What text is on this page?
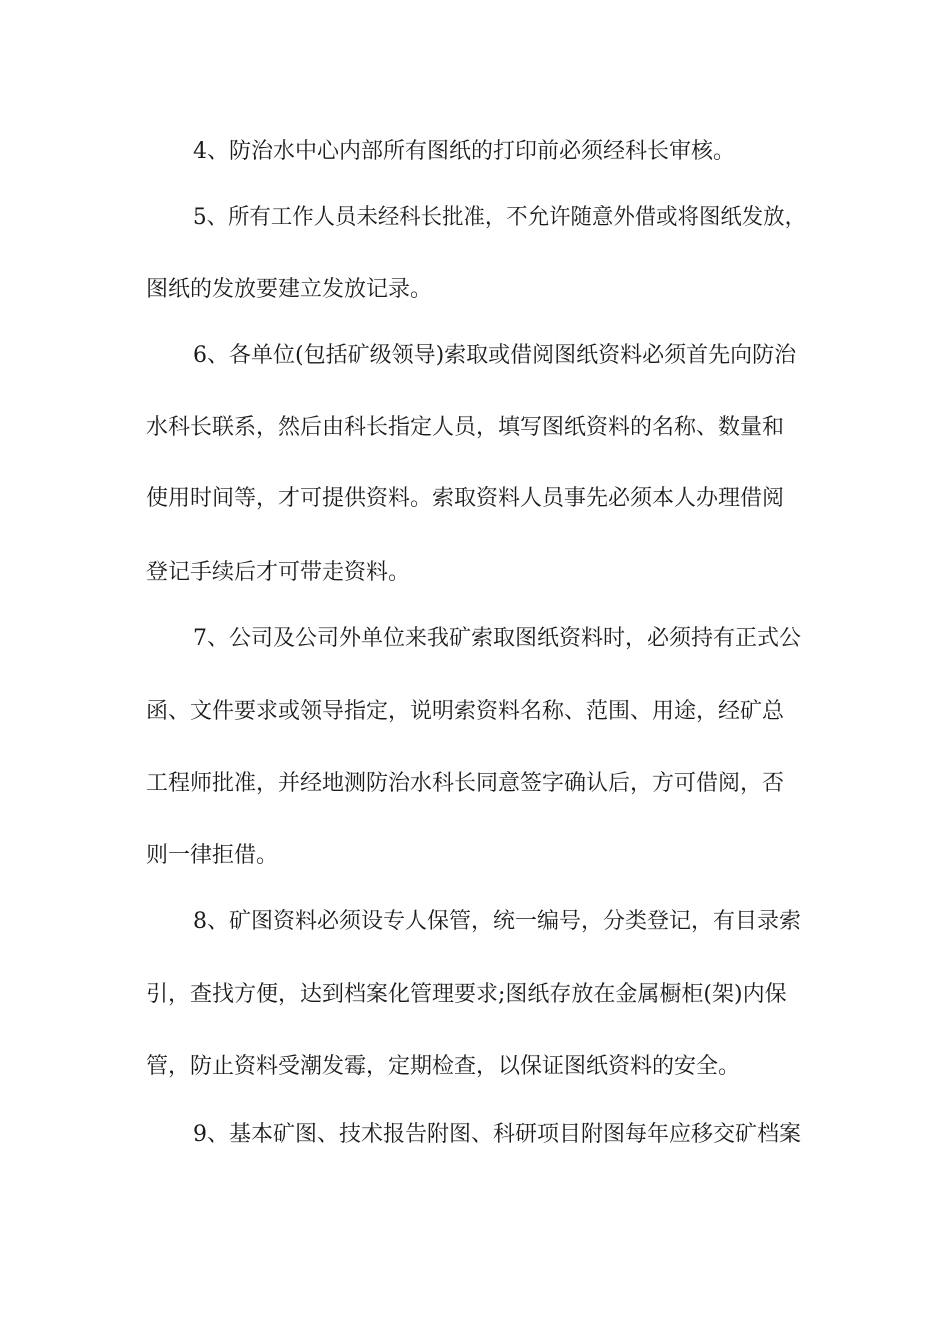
4、防治水中心内部所有图纸的打印前必须经科长审核。
5、所有工作人员未经科长批准，不允许随意外借或将图纸发放，
图纸的发放要建立发放记录。
6、各单位(包括矿级领导)索取或借阅图纸资料必须首先向防治
水科长联系，然后由科长指定人员，填写图纸资料的名称、数量和
使用时间等，才可提供资料。索取资料人员事先必须本人办理借阅
登记手续后才可带走资料。
7、公司及公司外单位来我矿索取图纸资料时，必须持有正式公
函、文件要求或领导指定，说明索资料名称、范围、用途，经矿总
工程师批准，并经地测防治水科长同意签字确认后，方可借阅，否
则一律拒借。
8、矿图资料必须设专人保管，统一编号，分类登记，有目录索
引，查找方便，达到档案化管理要求;图纸存放在金属橱柜(架)内保
管，防止资料受潮发霉，定期检查，以保证图纸资料的安全。
9、基本矿图、技术报告附图、科研项目附图每年应移交矿档案
